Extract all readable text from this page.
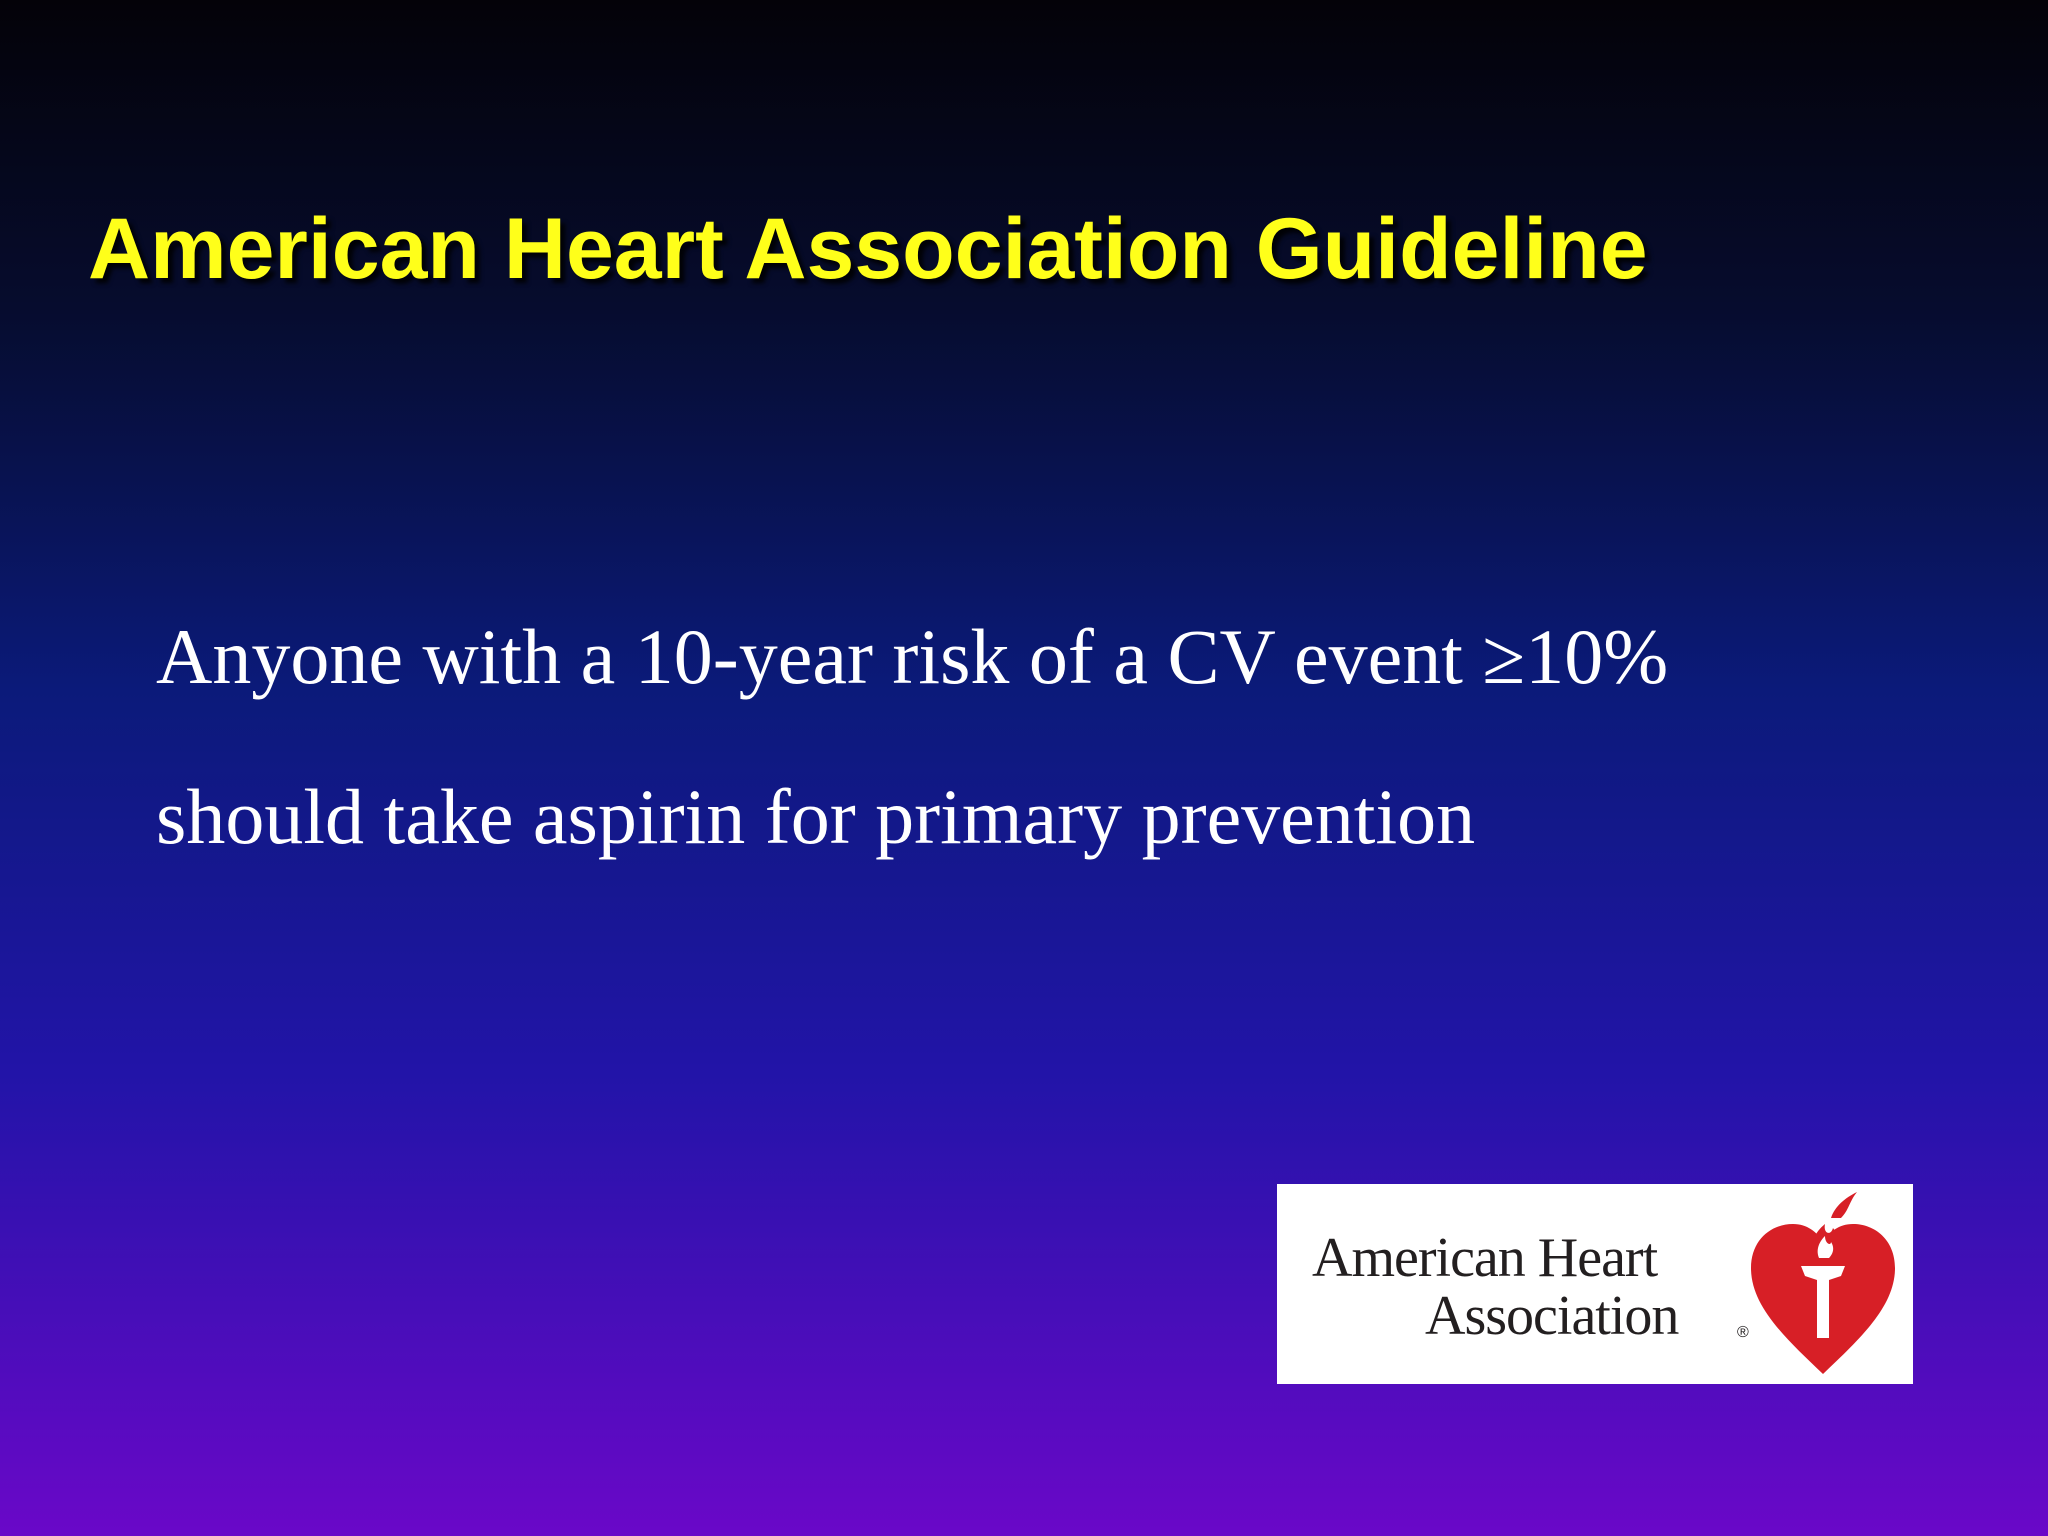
American Heart Association Guideline

Anyone with a 10-year risk of a CV event ≥10%

should take aspirin for primary prevention

American Heart
Association	®
